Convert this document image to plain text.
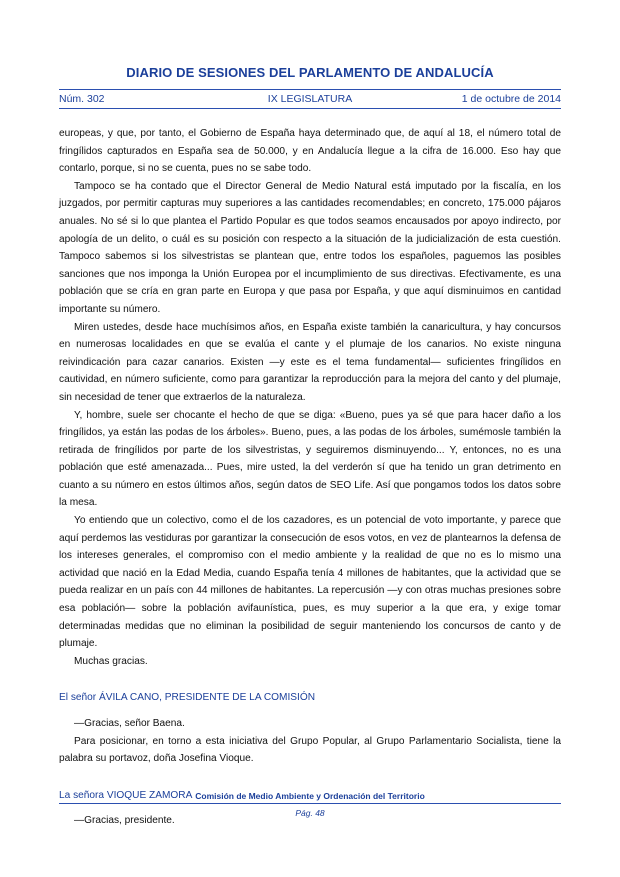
DIARIO DE SESIONES DEL PARLAMENTO DE ANDALUCÍA
IX LEGISLATURA
Núm. 302	1 de octubre de 2014

europeas, y que, por tanto, el Gobierno de España haya determinado que, de aquí al 18, el número total de fringílidos capturados en España sea de 50.000, y en Andalucía llegue a la cifra de 16.000. Eso hay que contarlo, porque, si no se cuenta, pues no se sabe todo.

Tampoco se ha contado que el Director General de Medio Natural está imputado por la fiscalía, en los juzgados, por permitir capturas muy superiores a las cantidades recomendables; en concreto, 175.000 pájaros anuales. No sé si lo que plantea el Partido Popular es que todos seamos encausados por apoyo indirecto, por apología de un delito, o cuál es su posición con respecto a la situación de la judicialización de esta cuestión. Tampoco sabemos si los silvestristas se plantean que, entre todos los españoles, paguemos las posibles sanciones que nos imponga la Unión Europea por el incumplimiento de sus directivas. Efectivamente, es una población que se cría en gran parte en Europa y que pasa por España, y que aquí disminuimos en cantidad importante su número.

Miren ustedes, desde hace muchísimos años, en España existe también la canaricultura, y hay concursos en numerosas localidades en que se evalúa el cante y el plumaje de los canarios. No existe ninguna reivindicación para cazar canarios. Existen —y este es el tema fundamental— suficientes fringílidos en cautividad, en número suficiente, como para garantizar la reproducción para la mejora del canto y del plumaje, sin necesidad de tener que extraerlos de la naturaleza.

Y, hombre, suele ser chocante el hecho de que se diga: «Bueno, pues ya sé que para hacer daño a los fringílidos, ya están las podas de los árboles». Bueno, pues, a las podas de los árboles, sumémosle también la retirada de fringílidos por parte de los silvestristas, y seguiremos disminuyendo... Y, entonces, no es una población que esté amenazada... Pues, mire usted, la del verderón sí que ha tenido un gran detrimento en cuanto a su número en estos últimos años, según datos de SEO Life. Así que pongamos todos los datos sobre la mesa.

Yo entiendo que un colectivo, como el de los cazadores, es un potencial de voto importante, y parece que aquí perdemos las vestiduras por garantizar la consecución de esos votos, en vez de plantearnos la defensa de los intereses generales, el compromiso con el medio ambiente y la realidad de que no es lo mismo una actividad que nació en la Edad Media, cuando España tenía 4 millones de habitantes, que la actividad que se pueda realizar en un país con 44 millones de habitantes. La repercusión —y con otras muchas presiones sobre esa población— sobre la población avifaunística, pues, es muy superior a la que era, y exige tomar determinadas medidas que no eliminan la posibilidad de seguir manteniendo los concursos de canto y de plumaje.

Muchas gracias.

El señor ÁVILA CANO, PRESIDENTE DE LA COMISIÓN

—Gracias, señor Baena.

Para posicionar, en torno a esta iniciativa del Grupo Popular, al Grupo Parlamentario Socialista, tiene la palabra su portavoz, doña Josefina Vioque.

La señora VIOQUE ZAMORA

—Gracias, presidente.

Comisión de Medio Ambiente y Ordenación del Territorio
Pág. 48
